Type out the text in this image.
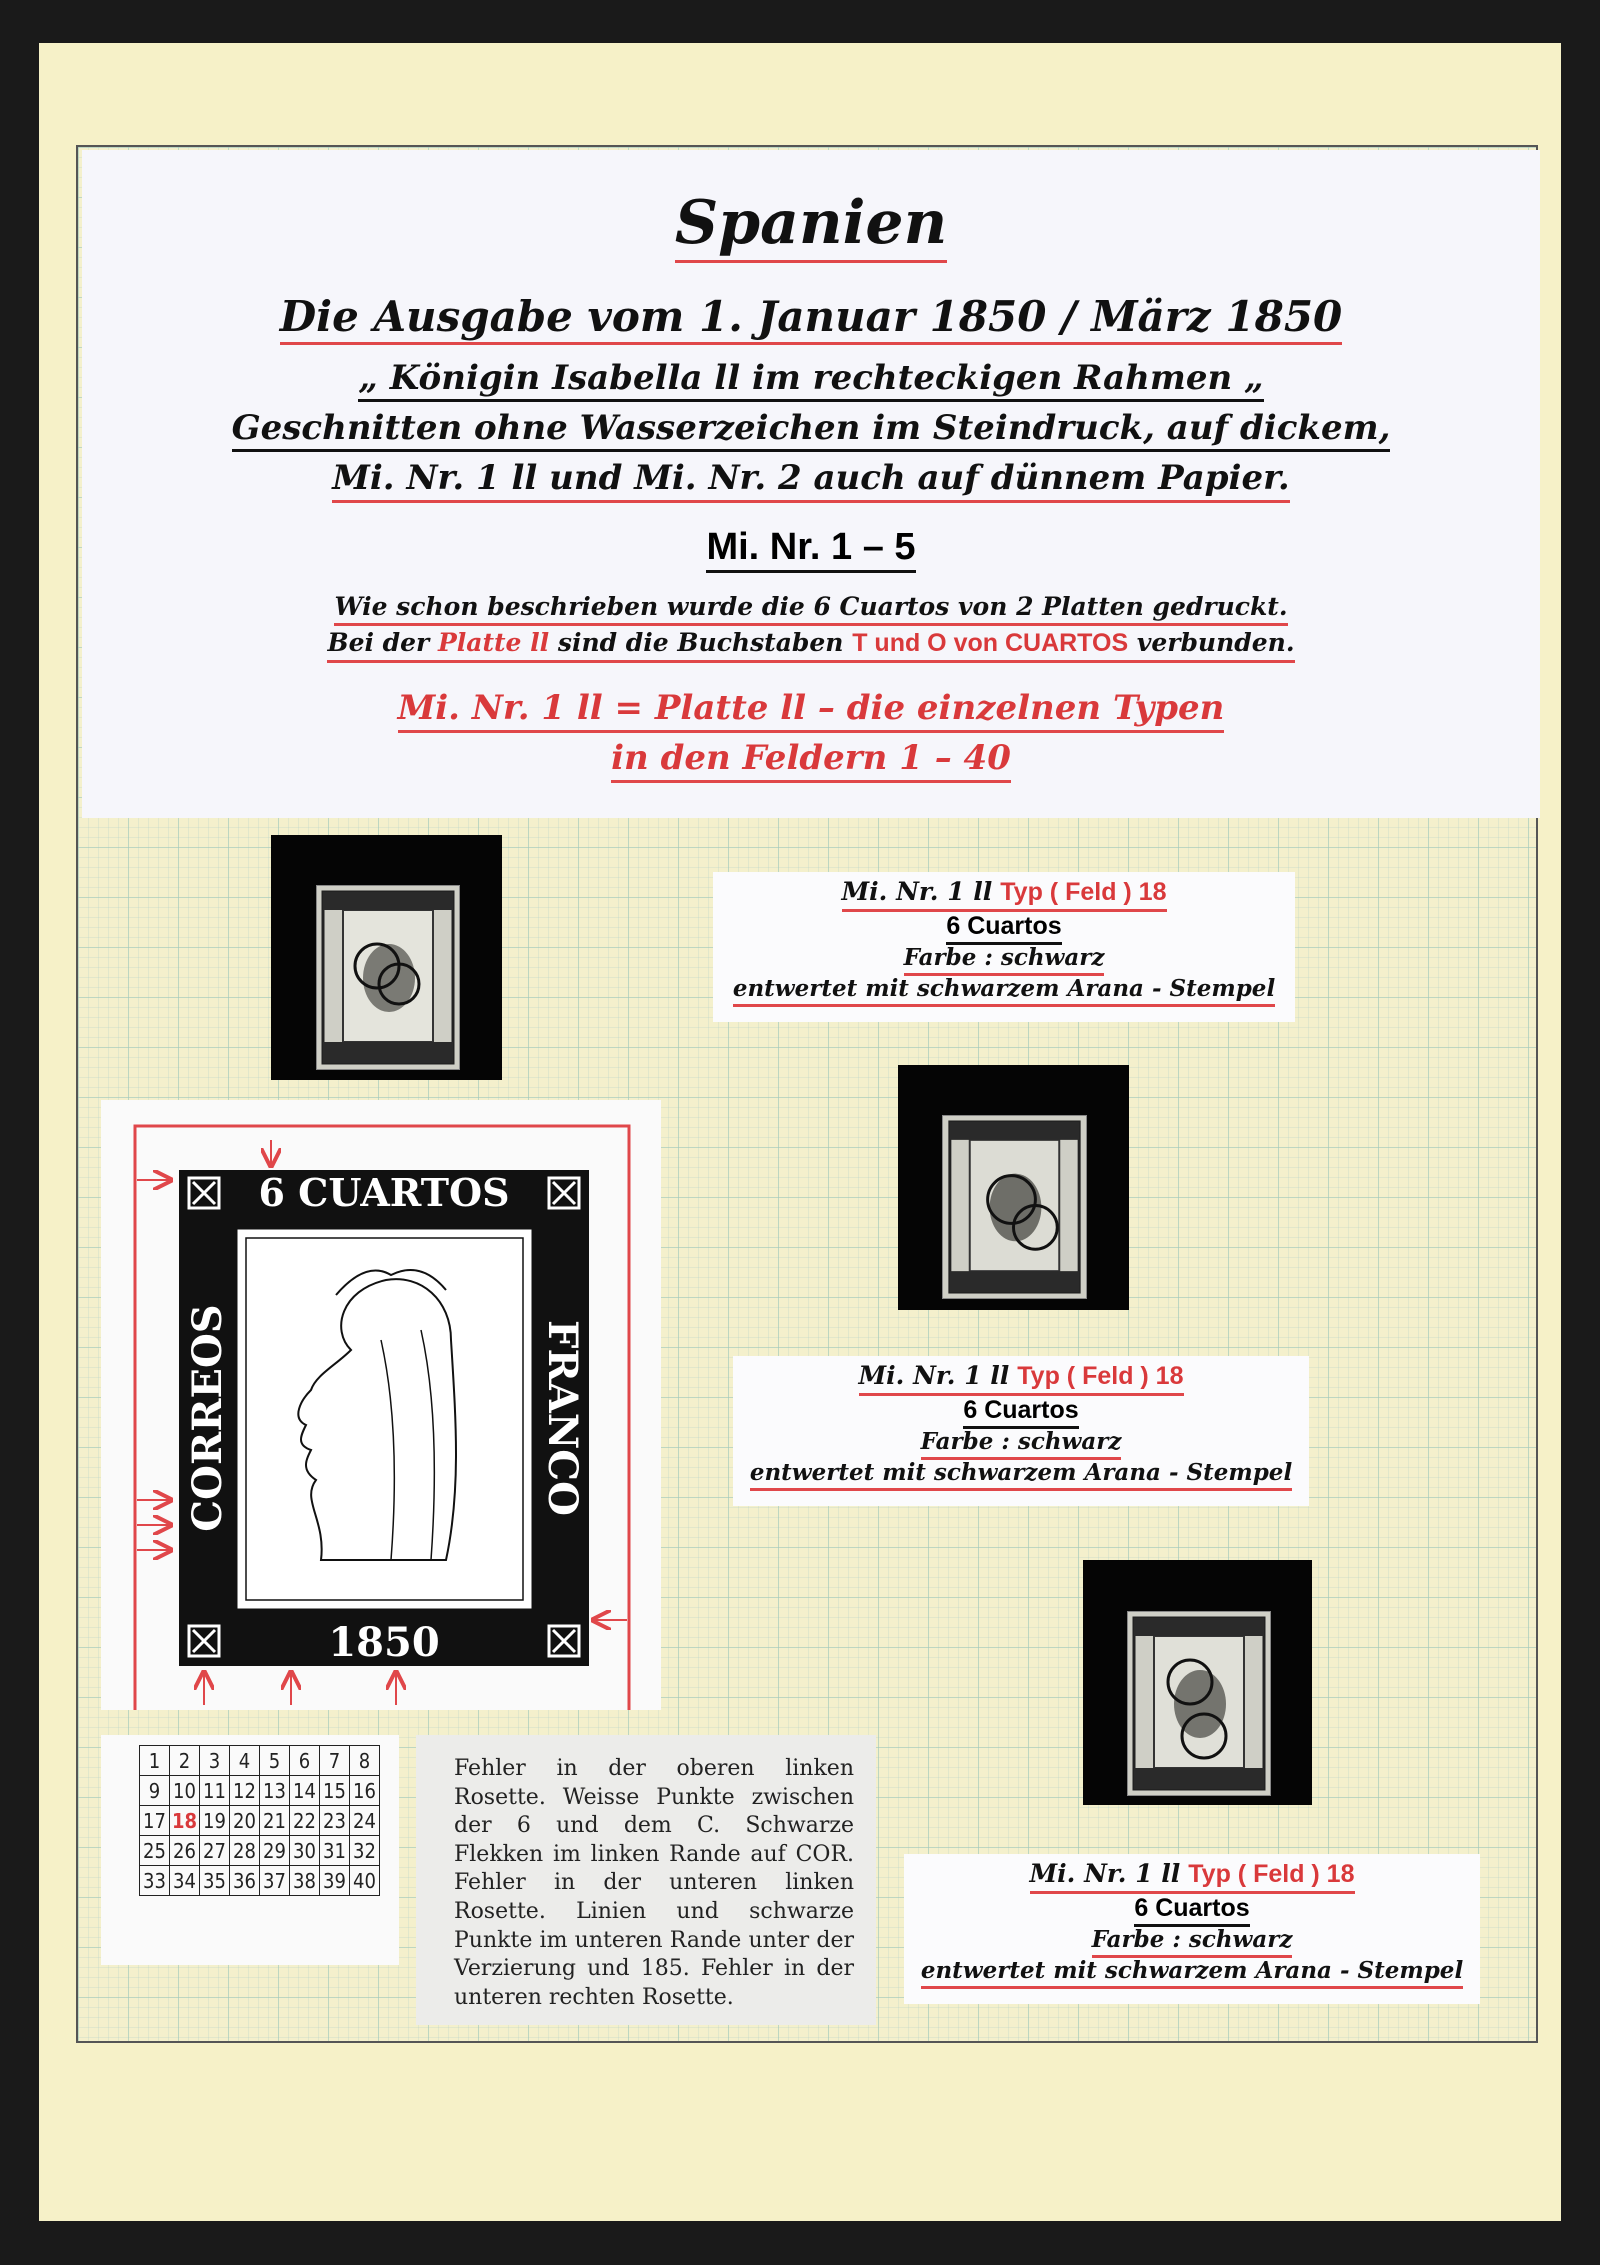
Spanien
Die Ausgabe vom 1. Januar 1850 / März 1850
„ Königin Isabella ll im rechteckigen Rahmen „
Geschnitten ohne Wasserzeichen im Steindruck, auf dickem,
Mi. Nr. 1 ll und Mi. Nr. 2 auch auf dünnem Papier.
Mi. Nr. 1 – 5
Wie schon beschrieben wurde die 6 Cuartos von 2 Platten gedruckt.
Bei der Platte ll sind die Buchstaben T und O von CUARTOS verbunden.
Mi. Nr. 1 ll = Platte ll – die einzelnen Typen
in den Feldern 1 – 40
Mi. Nr. 1 ll Typ ( Feld ) 18
6 Cuartos
Farbe : schwarz
entwertet mit schwarzem Arana - Stempel
Mi. Nr. 1 ll Typ ( Feld ) 18
6 Cuartos
Farbe : schwarz
entwertet mit schwarzem Arana - Stempel
Mi. Nr. 1 ll Typ ( Feld ) 18
6 Cuartos
Farbe : schwarz
entwertet mit schwarzem Arana - Stempel
6 CUARTOS
1850
CORREOS	FRANCO
1	2	3	4	5	6	7	8
9	10	11	12	13	14	15	16
17	18	19	20	21	22	23	24
25	26	27	28	29	30	31	32
33	34	35	36	37	38	39	40

Fehler in der oberen linken Rosette. Weisse Punkte zwischen der 6 und dem C. Schwarze Flekken im linken Rande auf COR. Fehler in der unteren linken Rosette. Linien und schwarze Punkte im unteren Rande unter der Verzierung und 185. Fehler in der unteren rechten Rosette.
